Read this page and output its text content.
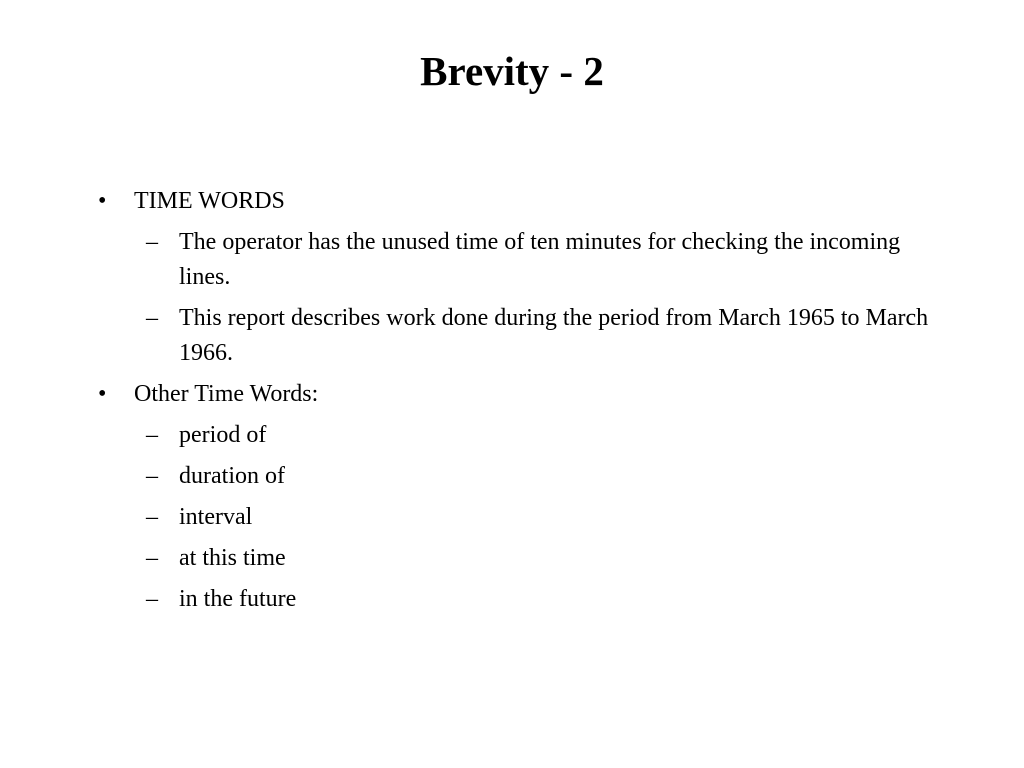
Brevity - 2
•	TIME WORDS
– The operator has the unused time of ten minutes for checking the incoming lines.
– This report describes work done during the period from March 1965 to March 1966.
•	Other Time Words:
– period of
– duration of
– interval
– at this time
– in the future
